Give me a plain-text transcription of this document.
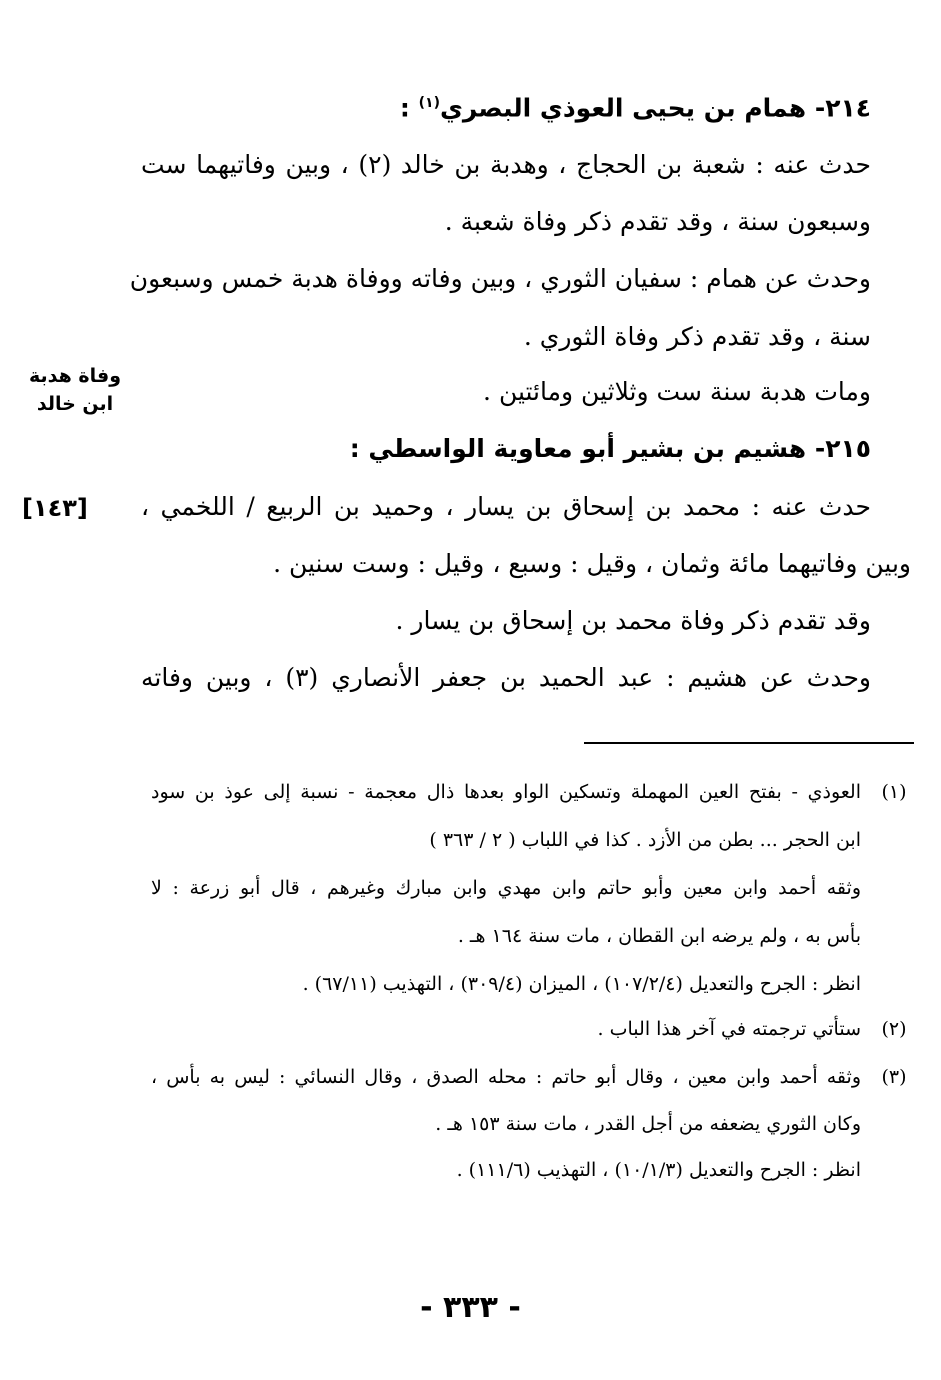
٢١٤- همام بن يحيى العوذي البصري$^{(١)}$ :
حدث عنه : شعبة بن الحجاج ، وهدبة بن خالد (٢) ، وبين وفاتيهما ست
وسبعون سنة ، وقد تقدم ذكر وفاة شعبة .
وحدث عن همام : سفيان الثوري ، وبين وفاته ووفاة هدبة خمس وسبعون
سنة ، وقد تقدم ذكر وفاة الثوري .
ومات هدبة سنة ست وثلاثين ومائتين .
وفاة هدبة
ابن خالد
٢١٥- هشيم بن بشير أبو معاوية الواسطي :
حدث عنه : محمد بن إسحاق بن يسار ، وحميد بن الربيع / اللخمي ،
[١٤٣]
وبين وفاتيهما مائة وثمان ، وقيل : وسبع ، وقيل : وست سنين .
وقد تقدم ذكر وفاة محمد بن إسحاق بن يسار .
وحدث عن هشيم : عبد الحميد بن جعفر الأنصاري (٣) ، وبين وفاته
(١)
العوذي - بفتح العين المهملة وتسكين الواو بعدها ذال معجمة - نسبة إلى عوذ بن سود
ابن الحجر ... بطن من الأزد . كذا في اللباب ( ٢ / ٣٦٣ )
وثقه أحمد وابن معين وأبو حاتم وابن مهدي وابن مبارك وغيرهم ، قال أبو زرعة : لا
بأس به ، ولم يرضه ابن القطان ، مات سنة ١٦٤ هـ .
انظر : الجرح والتعديل (١٠٧/٢/٤) ، الميزان (٣٠٩/٤) ، التهذيب (٦٧/١١) .
(٢)
ستأتي ترجمته في آخر هذا الباب .
(٣)
وثقه أحمد وابن معين ، وقال أبو حاتم : محله الصدق ، وقال النسائي : ليس به بأس ،
وكان الثوري يضعفه من أجل القدر ، مات سنة ١٥٣ هـ .
انظر : الجرح والتعديل (١٠/١/٣) ، التهذيب (١١١/٦) .
- ٣٣٣ -
